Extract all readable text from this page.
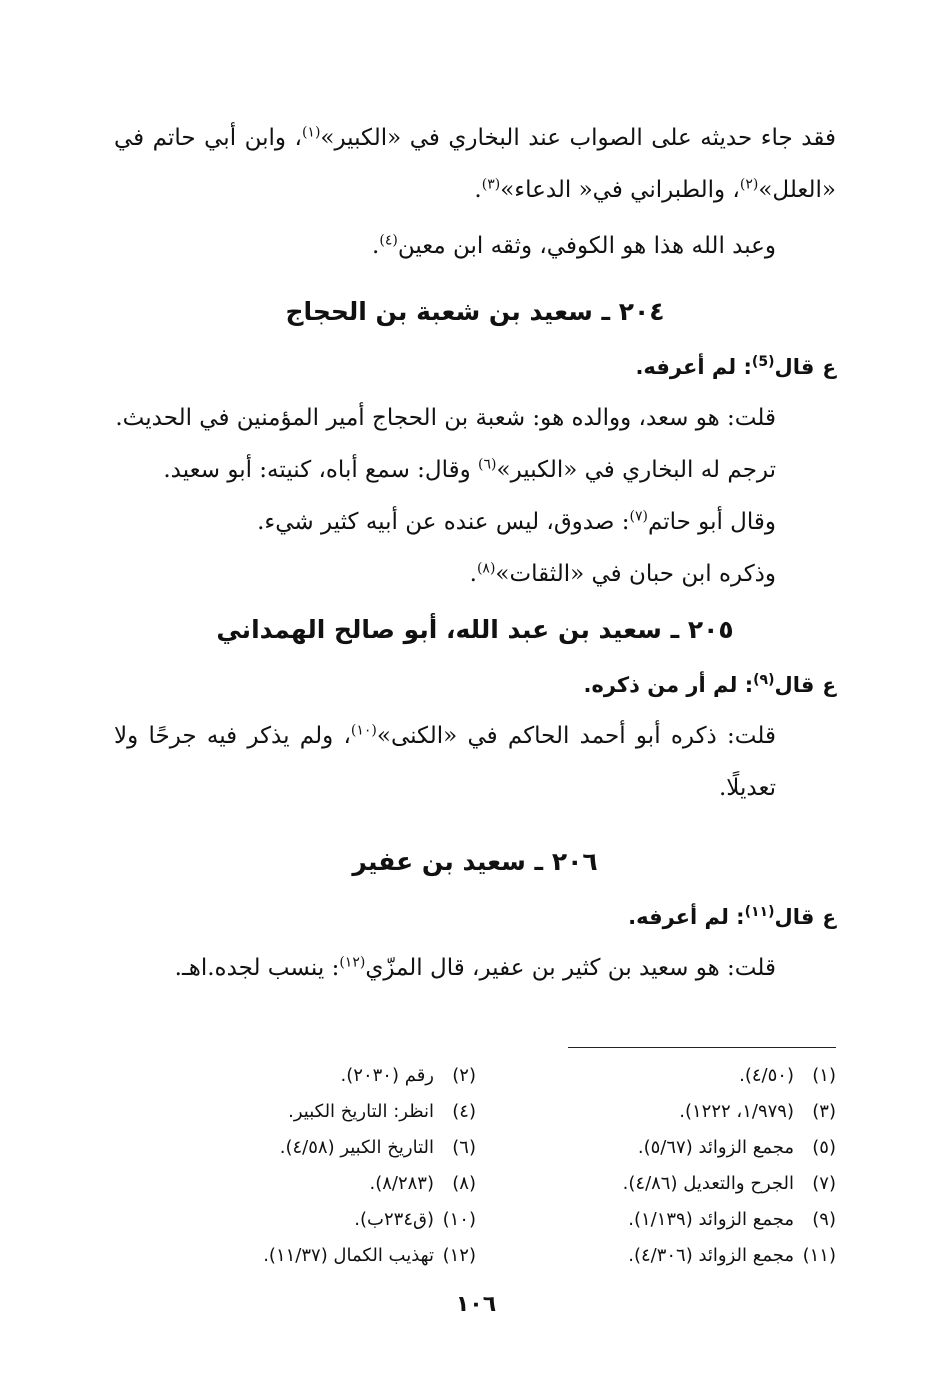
فقد جاء حديثه على الصواب عند البخاري في «الكبير»$^{(١)}$، وابن أبي حاتم في «العلل»$^{(٢)}$، والطبراني في« الدعاء»$^{(٣)}$.

وعبد الله هذا هو الكوفي، وثقه ابن معين$^{(٤)}$.

٢٠٤ ـ سعيد بن شعبة بن الحجاج

عقال$^{(5)}$: لم أعرفه.

قلت: هو سعد، ووالده هو: شعبة بن الحجاج أمير المؤمنين في الحديث.

ترجم له البخاري في «الكبير»$^{(٦)}$ وقال: سمع أباه، كنيته: أبو سعيد.

وقال أبو حاتم$^{(٧)}$: صدوق، ليس عنده عن أبيه كثير شيء.

وذكره ابن حبان في «الثقات»$^{(٨)}$.

٢٠٥ ـ سعيد بن عبد الله، أبو صالح الهمداني

عقال$^{(٩)}$: لم أر من ذكره.

قلت: ذكره أبو أحمد الحاكم في «الكنى»$^{(١٠)}$، ولم يذكر فيه جرحًا ولا تعديلًا.

٢٠٦ ـ سعيد بن عفير

عقال$^{(١١)}$: لم أعرفه.

قلت: هو سعيد بن كثير بن عفير، قال المزّي$^{(١٢)}$: ينسب لجده.اهـ.

(١)(٤/٥٠).
(٢)رقم (٢٠٣٠).
(٣)(١/٩٧٩، ١٢٢٢).
(٤)انظر: التاريخ الكبير.
(٥)مجمع الزوائد (٥/٦٧).
(٦)التاريخ الكبير (٤/٥٨).
(٧)الجرح والتعديل (٤/٨٦).
(٨)(٨/٢٨٣).
(٩)مجمع الزوائد (١/١٣٩).
(١٠)(ق٢٣٤ب).
(١١)مجمع الزوائد (٤/٣٠٦).
(١٢)تهذيب الكمال (١١/٣٧).
١٠٦
